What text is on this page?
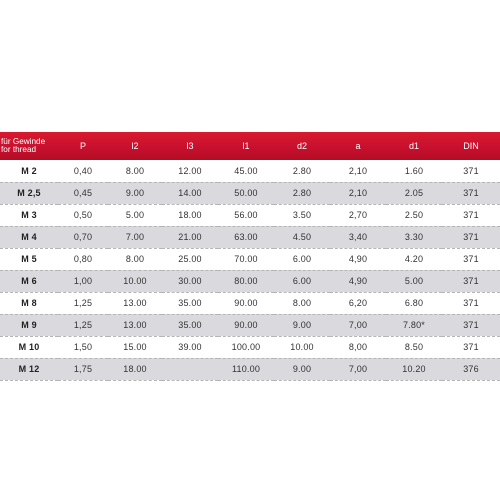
für Gewinde
for thread	P	l2	l3	l1	d2	a	d1	DIN
M 2	0,40	8.00	12.00	45.00	2.80	2,10	1.60	371
M 2,5	0,45	9.00	14.00	50.00	2.80	2,10	2.05	371
M 3	0,50	5.00	18.00	56.00	3.50	2,70	2.50	371
M 4	0,70	7.00	21.00	63.00	4.50	3,40	3.30	371
M 5	0,80	8.00	25.00	70.00	6.00	4,90	4.20	371
M 6	1,00	10.00	30.00	80.00	6.00	4,90	5.00	371
M 8	1,25	13.00	35.00	90.00	8.00	6,20	6.80	371
M 9	1,25	13.00	35.00	90.00	9.00	7,00	7.80*	371
M 10	1,50	15.00	39.00	100.00	10.00	8,00	8.50	371
M 12	1,75	18.00		110.00	9.00	7,00	10.20	376
